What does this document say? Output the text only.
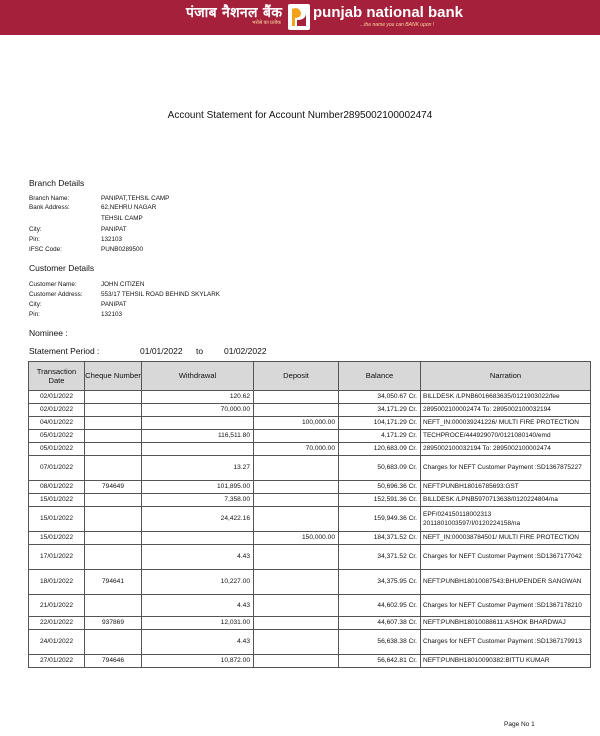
पंजाब नैशनल बैंक
भरोसे का प्रतीक
punjab national bank
...the name you can BANK upon !
Account Statement for Account Number2895002100002474
Branch Details
Branch Name:	PANIPAT,TEHSIL CAMP
Bank Address:	62,NEHRU NAGAR
TEHSIL CAMP
City:	PANIPAT
Pin:	132103
IFSC Code:	PUNB0289500
Customer Details
Customer Name:	JOHN CITIZEN
Customer Address:	553/17 TEHSIL ROAD BEHIND SKYLARK
City:	PANIPAT
Pin:	132103
Nominee :
Statement Period :	01/01/2022 to 01/02/2022
Transaction Date	Cheque Number	Withdrawal	Deposit	Balance	Narration
02/01/2022		120.62		34,050.67 Cr.	BILLDESK /LPNB6016683635/0121903022/fee
02/01/2022		70,000.00		34,171.29 Cr.	2895002100002474 To: 2895002100032194
04/01/2022			100,000.00	104,171.29 Cr.	NEFT_IN:000039241226/ MULTI FIRE PROTECTION
05/01/2022		116,511.80		4,171.29 Cr.	TECHPROCE/444929070/0121080140/emd
05/01/2022			70,000.00	120,683.09 Cr.	2895002100032194 To: 2895002100002474
07/01/2022		13.27		50,683.09 Cr.	Charges for NEFT Customer Payment :SD1367875227
08/01/2022	794649	101,895.00		50,696.36 Cr.	NEFT:PUNBH18016785693:GST
15/01/2022		7,358.00		152,591.36 Cr.	BILLDESK /LPNB5970713638/0120224804/na
15/01/2022		24,422.16		159,949.36 Cr.	EPF/024150118002313 2011801003597/I/0120224158/na
15/01/2022			150,000.00	184,371.52 Cr.	NEFT_IN:000038784501/ MULTI FIRE PROTECTION
17/01/2022		4.43		34,371.52 Cr.	Charges for NEFT Customer Payment :SD1367177042
18/01/2022	794641	10,227.00		34,375.95 Cr.	NEFT:PUNBH18010087543:BHUPENDER SANGWAN
21/01/2022		4.43		44,602.95 Cr.	Charges for NEFT Customer Payment :SD1367178210
22/01/2022	937869	12,031.00		44,607.38 Cr.	NEFT:PUNBH18010088611:ASHOK BHARDWAJ
24/01/2022		4.43		56,638.38 Cr.	Charges for NEFT Customer Payment :SD1367179913
27/01/2022	794646	10,872.00		56,642.81 Cr.	NEFT:PUNBH18010090382:BITTU KUMAR
Page No 1
